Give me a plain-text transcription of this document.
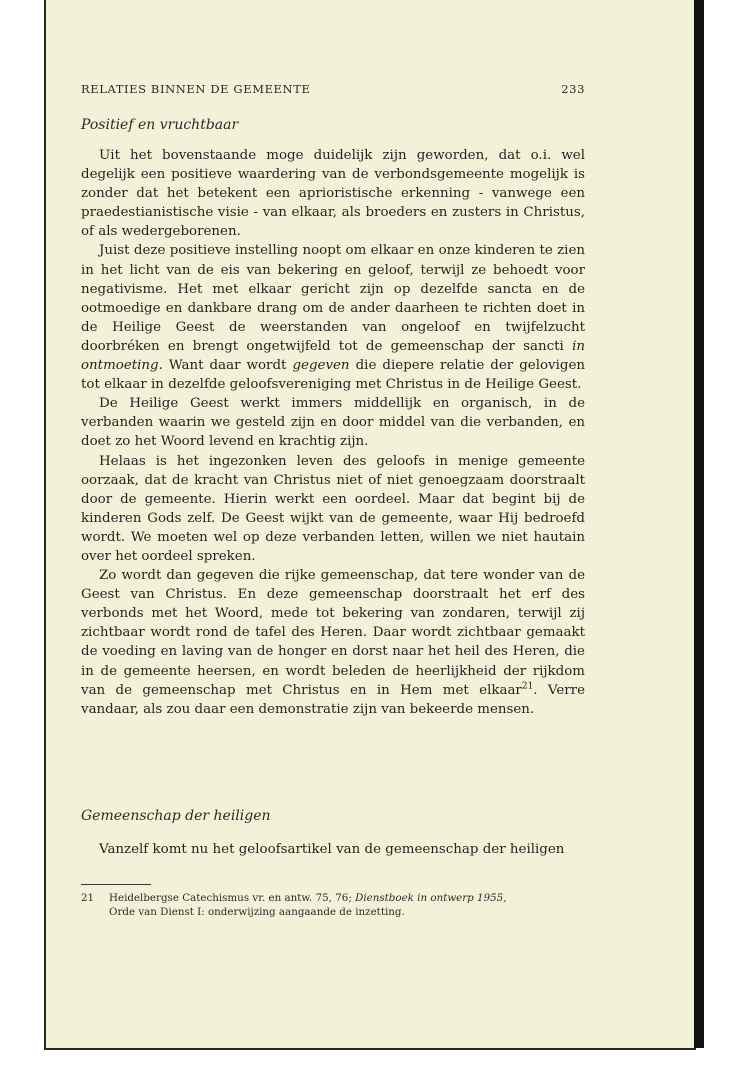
RELATIES BINNEN DE GEMEENTE	233
Positief en vruchtbaar

Uit het bovenstaande moge duidelijk zijn geworden, dat o.i. wel degelijk een positieve waardering van de verbondsgemeente mogelijk is zonder dat het betekent een aprioristische erkenning - vanwege een praedestianistische visie - van elkaar, als broeders en zusters in Christus, of als wedergeborenen.

Juist deze positieve instelling noopt om elkaar en onze kinderen te zien in het licht van de eis van bekering en geloof, terwijl ze behoedt voor negativisme. Het met elkaar gericht zijn op dezelfde sancta en de ootmoedige en dankbare drang om de ander daarheen te richten doet in de Heilige Geest de weerstanden van ongeloof en twijfelzucht doorbréken en brengt ongetwijfeld tot de gemeenschap der sancti in ontmoeting. Want daar wordt gegeven die diepere relatie der gelovigen tot elkaar in dezelfde geloofsvereniging met Christus in de Heilige Geest.

De Heilige Geest werkt immers middellijk en organisch, in de verbanden waarin we gesteld zijn en door middel van die verbanden, en doet zo het Woord levend en krachtig zijn.

Helaas is het ingezonken leven des geloofs in menige gemeente oorzaak, dat de kracht van Christus niet of niet genoegzaam doorstraalt door de gemeente. Hierin werkt een oordeel. Maar dat begint bij de kinderen Gods zelf. De Geest wijkt van de gemeente, waar Hij bedroefd wordt. We moeten wel op deze verbanden letten, willen we niet hautain over het oordeel spreken.

Zo wordt dan gegeven die rijke gemeenschap, dat tere wonder van de Geest van Christus. En deze gemeenschap doorstraalt het erf des verbonds met het Woord, mede tot bekering van zondaren, terwijl zij zichtbaar wordt rond de tafel des Heren. Daar wordt zichtbaar gemaakt de voeding en laving van de honger en dorst naar het heil des Heren, die in de gemeente heersen, en wordt beleden de heerlijkheid der rijkdom van de gemeenschap met Christus en in Hem met elkaar$^{21}$. Verre vandaar, als zou daar een demonstratie zijn van bekeerde mensen.

Gemeenschap der heiligen

Vanzelf komt nu het geloofsartikel van de gemeenschap der heiligen

21 Heidelbergse Catechismus vr. en antw. 75, 76; Dienstboek in ontwerp 1955,
Orde van Dienst I: onderwijzing aangaande de inzetting.
